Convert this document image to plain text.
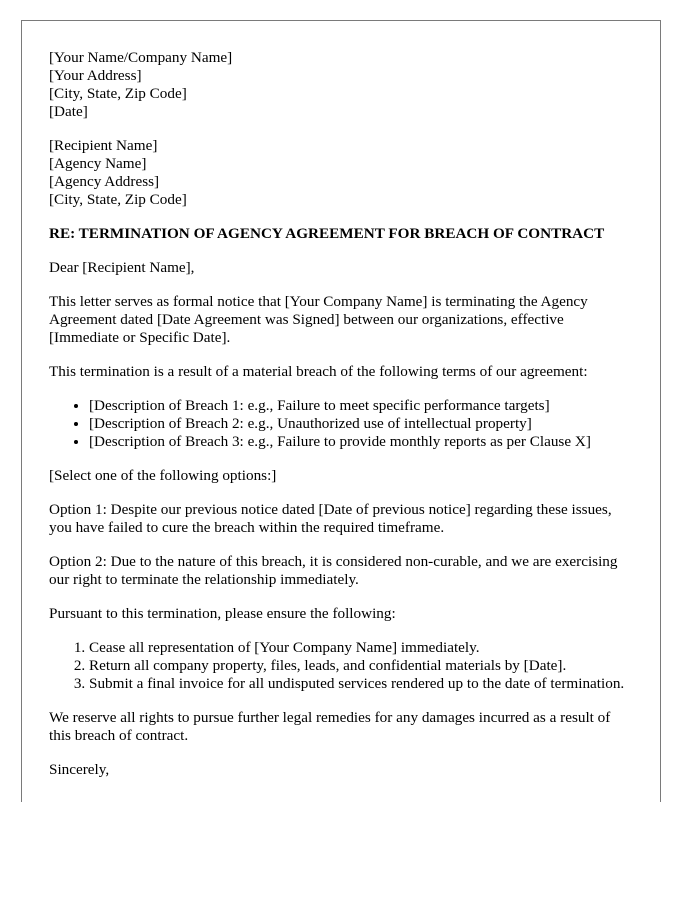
[Your Name/Company Name]
[Your Address]
[City, State, Zip Code]
[Date]
[Recipient Name]
[Agency Name]
[Agency Address]
[City, State, Zip Code]
RE: TERMINATION OF AGENCY AGREEMENT FOR BREACH OF CONTRACT

Dear [Recipient Name],

This letter serves as formal notice that [Your Company Name] is terminating the Agency Agreement dated [Date Agreement was Signed] between our organizations, effective [Immediate or Specific Date].

This termination is a result of a material breach of the following terms of our agreement:

• [Description of Breach 1: e.g., Failure to meet specific performance targets]
• [Description of Breach 2: e.g., Unauthorized use of intellectual property]
• [Description of Breach 3: e.g., Failure to provide monthly reports as per Clause X]

[Select one of the following options:]

Option 1: Despite our previous notice dated [Date of previous notice] regarding these issues, you have failed to cure the breach within the required timeframe.

Option 2: Due to the nature of this breach, it is considered non-curable, and we are exercising our right to terminate the relationship immediately.

Pursuant to this termination, please ensure the following:

1. Cease all representation of [Your Company Name] immediately.
2. Return all company property, files, leads, and confidential materials by [Date].
3. Submit a final invoice for all undisputed services rendered up to the date of termination.

We reserve all rights to pursue further legal remedies for any damages incurred as a result of this breach of contract.

Sincerely,
